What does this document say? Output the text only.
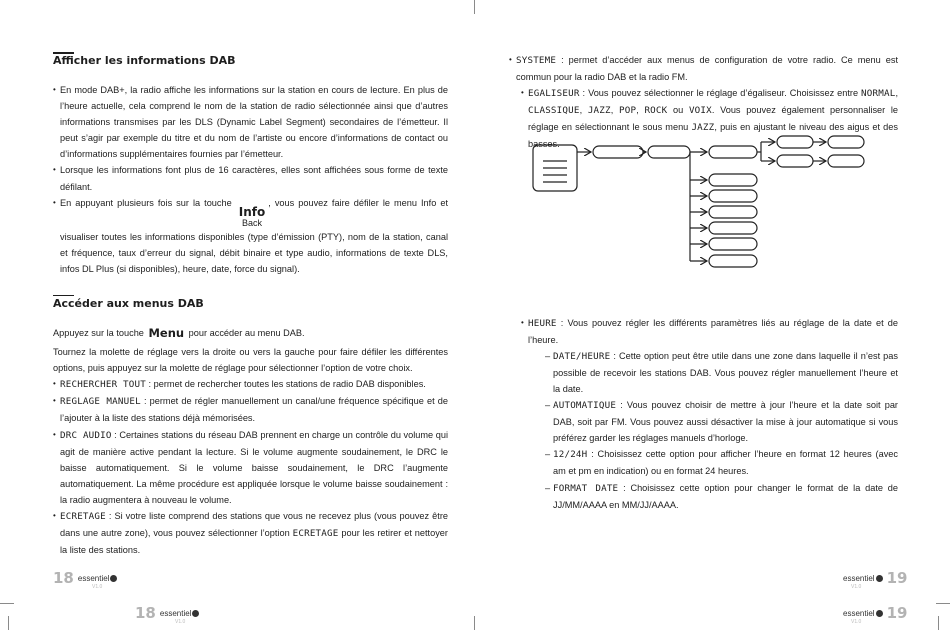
Afficher les informations DAB
• En mode DAB+, la radio affiche les informations sur la station en cours de lecture. En plus de l’heure actuelle, cela comprend le nom de la station de radio sélectionnée ainsi que d’autres informations transmises par les DLS (Dynamic Label Segment) secondaires de l’émetteur. Il peut s’agir par exemple du titre et du nom de l’artiste ou encore d’informations de contact ou d’informations supplémentaires fournies par l’émetteur.
• Lorsque les informations font plus de 16 caractères, elles sont affichées sous forme de texte défilant.
• En appuyant plusieurs fois sur la touche
Info
Back
, vous pouvez faire défiler le menu Info et visualiser toutes les informations disponibles (type d’émission (PTY), nom de la station, canal et fréquence, taux d’erreur du signal, débit binaire et type audio, informations de texte DLS, infos DL Plus (si disponibles), heure, date, force du signal).
Accéder aux menus DAB

Appuyez sur la touche Menu pour accéder au menu DAB.

Tournez la molette de réglage vers la droite ou vers la gauche pour faire défiler les différentes options, puis appuyez sur la molette de réglage pour sélectionner l’option de votre choix.

• RECHERCHER TOUT : permet de rechercher toutes les stations de radio DAB disponibles.
• REGLAGE MANUEL : permet de régler manuellement un canal/une fréquence spécifique et de l’ajouter à la liste des stations déjà mémorisées.
• DRC AUDIO : Certaines stations du réseau DAB prennent en charge un contrôle du volume qui agit de manière active pendant la lecture. Si le volume augmente soudainement, le DRC le baisse automatiquement. Si le volume baisse soudainement, le DRC l’augmente automatiquement. La même procédure est appliquée lorsque le volume baisse soudainement : la radio augmentera à nouveau le volume.
• ECRETAGE : Si votre liste comprend des stations que vous ne recevez plus (vous pouvez être dans une autre zone), vous pouvez sélectionner l’option ECRETAGE pour les retirer et nettoyer la liste des stations.
• SYSTEME : permet d’accéder aux menus de configuration de votre radio. Ce menu est commun pour la radio DAB et la radio FM.
• EGALISEUR : Vous pouvez sélectionner le réglage d’égaliseur. Choisissez entre NORMAL, CLASSIQUE, JAZZ, POP, ROCK ou VOIX. Vous pouvez également personnaliser le réglage en sélectionnant le sous menu JAZZ, puis en ajustant le niveau des aigus et des basses.
• HEURE : Vous pouvez régler les différents paramètres liés au réglage de la date et de l’heure.
– DATE/HEURE : Cette option peut être utile dans une zone dans laquelle il n’est pas possible de recevoir les stations DAB. Vous pouvez régler manuellement l’heure et la date.
– AUTOMATIQUE : Vous pouvez choisir de mettre à jour l’heure et la date soit par DAB, soit par FM. Vous pouvez aussi désactiver la mise à jour automatique si vous préférez garder les réglages manuels d’horloge.
– 12/24H : Choisissez cette option pour afficher l’heure en format 12 heures (avec am et pm en indication) ou en format 24 heures.
– FORMAT DATE : Choisissez cette option pour changer le format de la date de JJ/MM/AAAA en MM/JJ/AAAA.
18 essentiel
V1.0
essentiel 19
V1.0
18 essentiel
V1.0
essentiel 19
V1.0
